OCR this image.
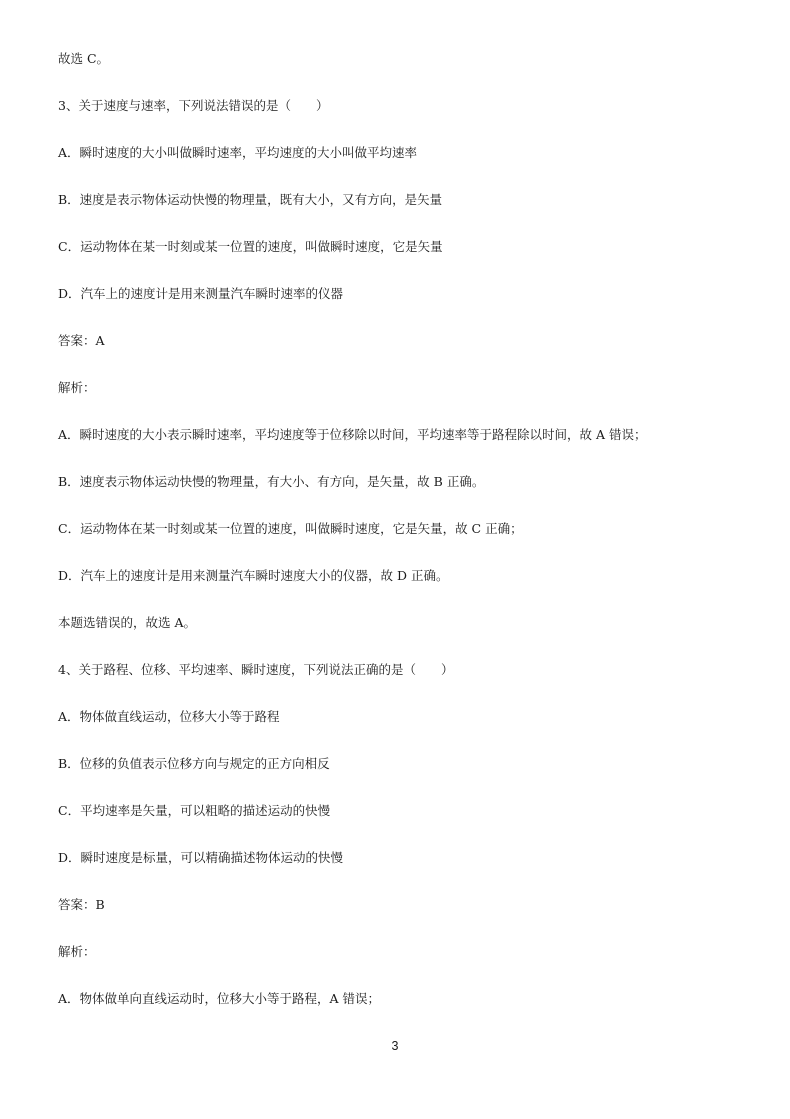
故选 C。
3、关于速度与速率，下列说法错误的是（　　）
A．瞬时速度的大小叫做瞬时速率，平均速度的大小叫做平均速率
B．速度是表示物体运动快慢的物理量，既有大小，又有方向，是矢量
C．运动物体在某一时刻或某一位置的速度，叫做瞬时速度，它是矢量
D．汽车上的速度计是用来测量汽车瞬时速率的仪器
答案：A
解析：
A．瞬时速度的大小表示瞬时速率，平均速度等于位移除以时间，平均速率等于路程除以时间，故 A 错误；
B．速度表示物体运动快慢的物理量，有大小、有方向，是矢量，故 B 正确。
C．运动物体在某一时刻或某一位置的速度，叫做瞬时速度，它是矢量，故 C 正确；
D．汽车上的速度计是用来测量汽车瞬时速度大小的仪器，故 D 正确。
本题选错误的，故选 A。
4、关于路程、位移、平均速率、瞬时速度，下列说法正确的是（　　）
A．物体做直线运动，位移大小等于路程
B．位移的负值表示位移方向与规定的正方向相反
C．平均速率是矢量，可以粗略的描述运动的快慢
D．瞬时速度是标量，可以精确描述物体运动的快慢
答案：B
解析：
A．物体做单向直线运动时，位移大小等于路程，A 错误；
3
